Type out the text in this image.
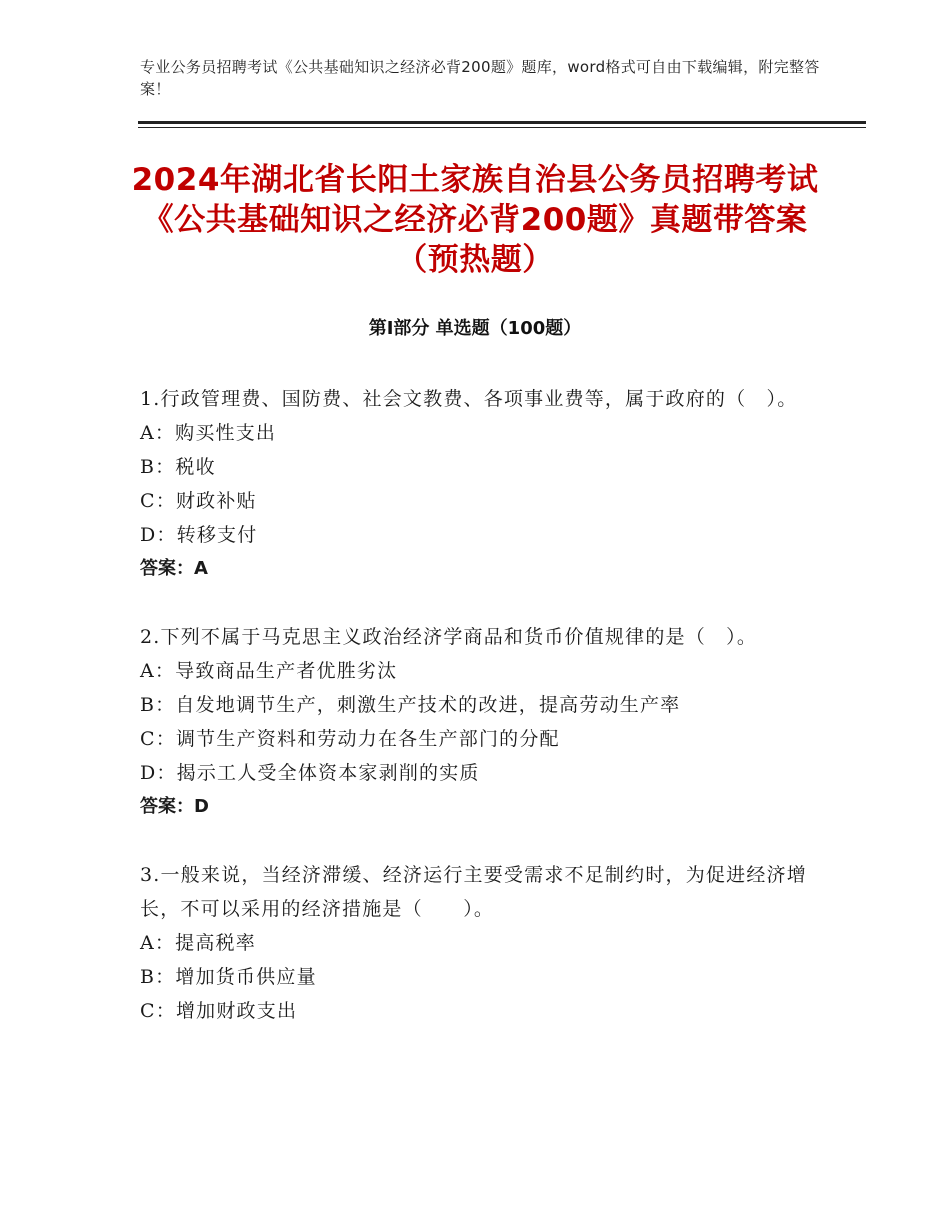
专业公务员招聘考试《公共基础知识之经济必背200题》题库，word格式可自由下载编辑，附完整答案！
2024年湖北省长阳土家族自治县公务员招聘考试《公共基础知识之经济必背200题》真题带答案（预热题）
第Ⅰ部分 单选题（100题）
1.行政管理费、国防费、社会文教费、各项事业费等，属于政府的（　）。
A：购买性支出
B：税收
C：财政补贴
D：转移支付
答案：A
2.下列不属于马克思主义政治经济学商品和货币价值规律的是（　）。
A：导致商品生产者优胜劣汰
B：自发地调节生产，刺激生产技术的改进，提高劳动生产率
C：调节生产资料和劳动力在各生产部门的分配
D：揭示工人受全体资本家剥削的实质
答案：D
3.一般来说，当经济滞缓、经济运行主要受需求不足制约时，为促进经济增长，不可以采用的经济措施是（　　）。
A：提高税率
B：增加货币供应量
C：增加财政支出
